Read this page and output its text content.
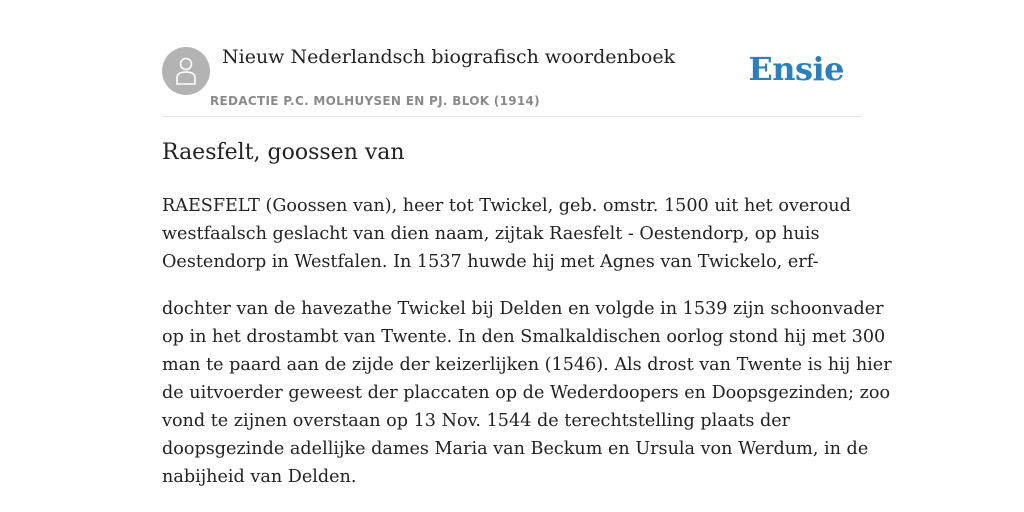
Nieuw Nederlandsch biografisch woordenboek
REDACTIE P.C. MOLHUYSEN EN PJ. BLOK (1914)
Ensie
Raesfelt, goossen van

RAESFELT (Goossen van), heer tot Twickel, geb. omstr. 1500 uit het overoud
westfaalsch geslacht van dien naam, zijtak Raesfelt - Oestendorp, op huis
Oestendorp in Westfalen. In 1537 huwde hij met Agnes van Twickelo, erf-

dochter van de havezathe Twickel bij Delden en volgde in 1539 zijn schoonvader
op in het drostambt van Twente. In den Smalkaldischen oorlog stond hij met 300
man te paard aan de zijde der keizerlijken (1546). Als drost van Twente is hij hier
de uitvoerder geweest der placcaten op de Wederdoopers en Doopsgezinden; zoo
vond te zijnen overstaan op 13 Nov. 1544 de terechtstelling plaats der
doopsgezinde adellijke dames Maria van Beckum en Ursula von Werdum, in de
nabijheid van Delden.
